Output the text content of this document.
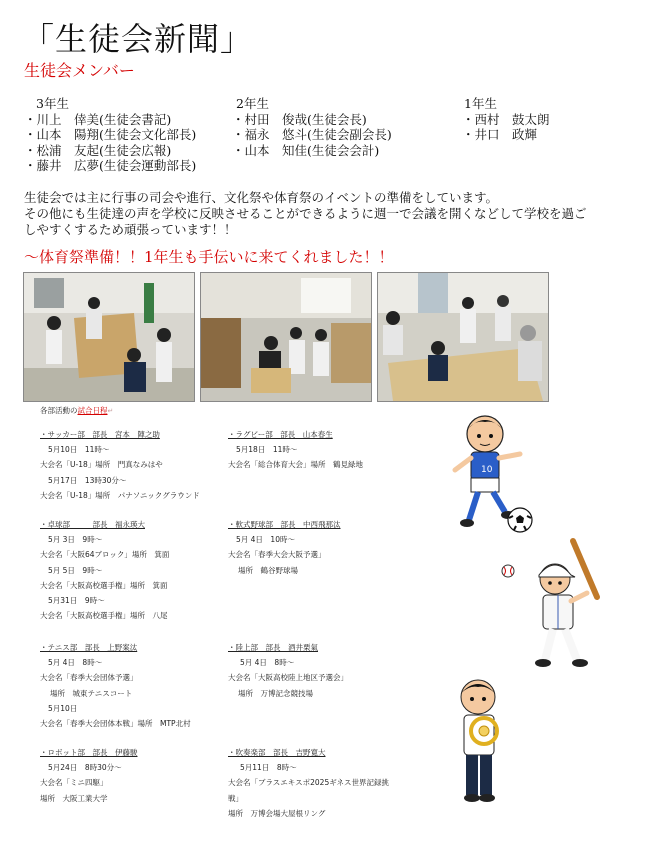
「生徒会新聞」
生徒会メンバー
3年生
・川上　倖美(生徒会書記)
・山本　陽翔(生徒会文化部長)
・松浦　友起(生徒会広報)
・藤井　広夢(生徒会運動部長)
2年生
・村田　俊哉(生徒会長)
・福永　悠斗(生徒会副会長)
・山本　知佳(生徒会会計)
1年生
・西村　鼓太朗
・井口　政輝
生徒会では主に行事の司会や進行、文化祭や体育祭のイベントの準備をしています。
その他にも生徒達の声を学校に反映させることができるように週一で会議を開くなどして学校を過ご
しやすくするため頑張っています！！
～体育祭準備！！1年生も手伝いに来てくれました！！
各部活動の試合日程↵
・サッカー部　部長　宮本　陣之助
5月10日　11時～
大会名「U-18」場所　門真なみはや
5月17日　13時30分～
大会名「U-18」場所　パナソニックグラウンド
・ラグビー部　部長　山本春生
5月18日　11時～
大会名「総合体育大会」場所　鶴見緑地
・卓球部　　　部長　福永瑛大
5月 3日　9時～
大会名「大阪64ブロック」場所　箕面
5月 5日　9時～
大会名「大阪高校選手権」場所　箕面
5月31日　9時～
大会名「大阪高校選手権」場所　八尾
・軟式野球部　部長　中西飛那汰
5月 4日　10時～
大会名「春季大会大阪予選」
場所　鶴谷野球場
・テニス部　部長　上野案汰
5月 4日　8時～
大会名「春季大会団体予選」
場所　城東テニスコート
5月10日
大会名「春季大会団体本戦」場所　MTP北村
・陸上部　部長　酒井栗氣
5月 4日　8時～
大会名「大阪高校陸上地区予選会」
場所　万博記念競技場
・ロボット部　部長　伊藤駿
5月24日　8時30分～
大会名「ミニ四駆」
場所　大阪工業大学
・吹奏楽部　部長　吉野寛大
5月11日　8時～
大会名「ブラスエキスポ2025ギネス世界記録挑
戦」
場所　万博会場大屋根リング
10
